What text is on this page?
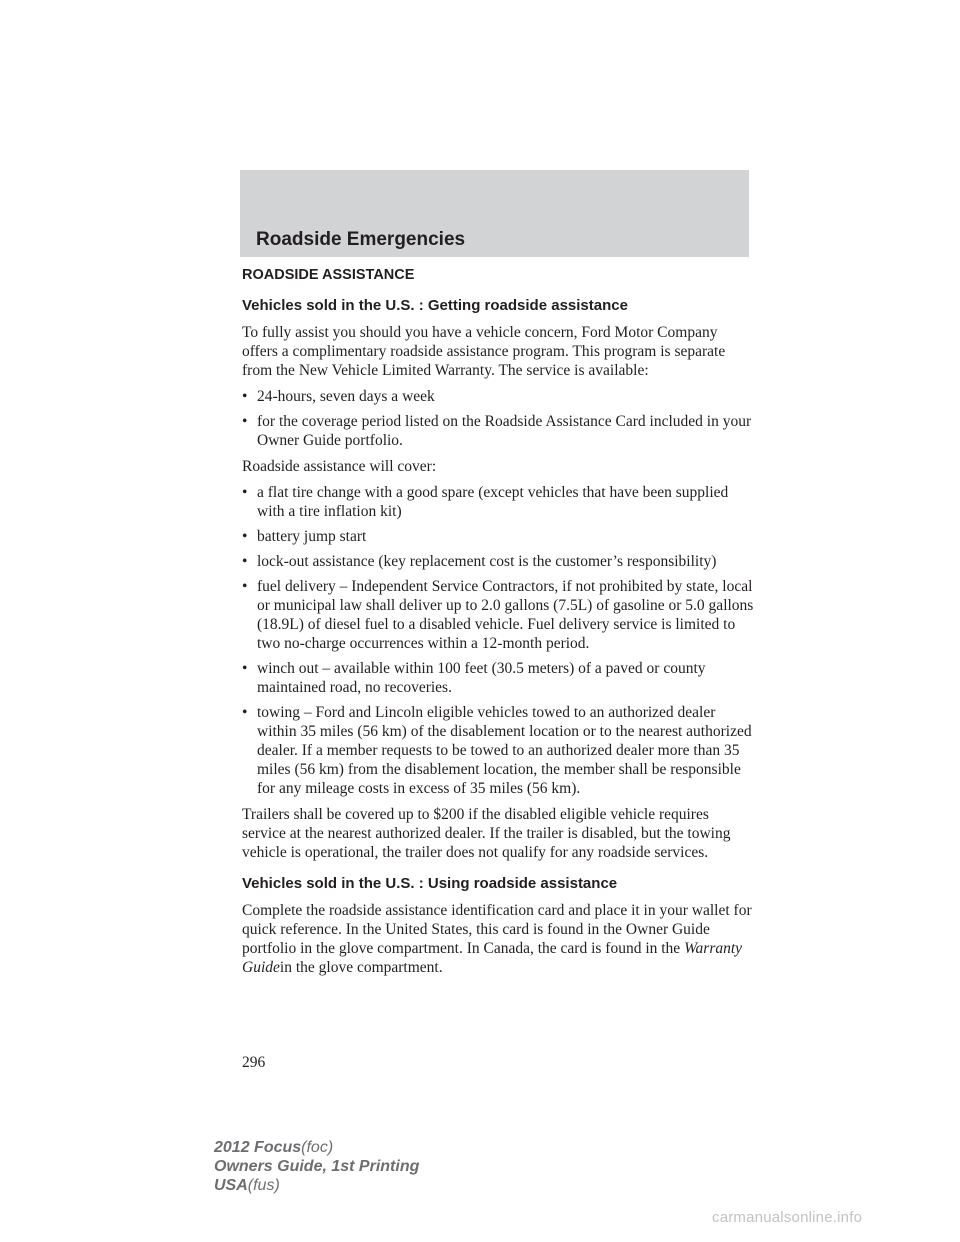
Roadside Emergencies
ROADSIDE ASSISTANCE
Vehicles sold in the U.S. : Getting roadside assistance

To fully assist you should you have a vehicle concern, Ford Motor Company offers a complimentary roadside assistance program. This program is separate from the New Vehicle Limited Warranty. The service is available:

• 24-hours, seven days a week
• for the coverage period listed on the Roadside Assistance Card included in your Owner Guide portfolio.

Roadside assistance will cover:

• a flat tire change with a good spare (except vehicles that have been supplied with a tire inflation kit)
• battery jump start
• lock-out assistance (key replacement cost is the customer’s responsibility)
• fuel delivery – Independent Service Contractors, if not prohibited by state, local or municipal law shall deliver up to 2.0 gallons (7.5L) of gasoline or 5.0 gallons (18.9L) of diesel fuel to a disabled vehicle. Fuel delivery service is limited to two no-charge occurrences within a 12-month period.
• winch out – available within 100 feet (30.5 meters) of a paved or county maintained road, no recoveries.
• towing – Ford and Lincoln eligible vehicles towed to an authorized dealer within 35 miles (56 km) of the disablement location or to the nearest authorized dealer. If a member requests to be towed to an authorized dealer more than 35 miles (56 km) from the disablement location, the member shall be responsible for any mileage costs in excess of 35 miles (56 km).

Trailers shall be covered up to $200 if the disabled eligible vehicle requires service at the nearest authorized dealer. If the trailer is disabled, but the towing vehicle is operational, the trailer does not qualify for any roadside services.

Vehicles sold in the U.S. : Using roadside assistance

Complete the roadside assistance identification card and place it in your wallet for quick reference. In the United States, this card is found in the Owner Guide portfolio in the glove compartment. In Canada, the card is found in the Warranty Guidein the glove compartment.

296

2012 Focus(foc)
Owners Guide, 1st Printing
USA(fus)
carmanualsonline.info
